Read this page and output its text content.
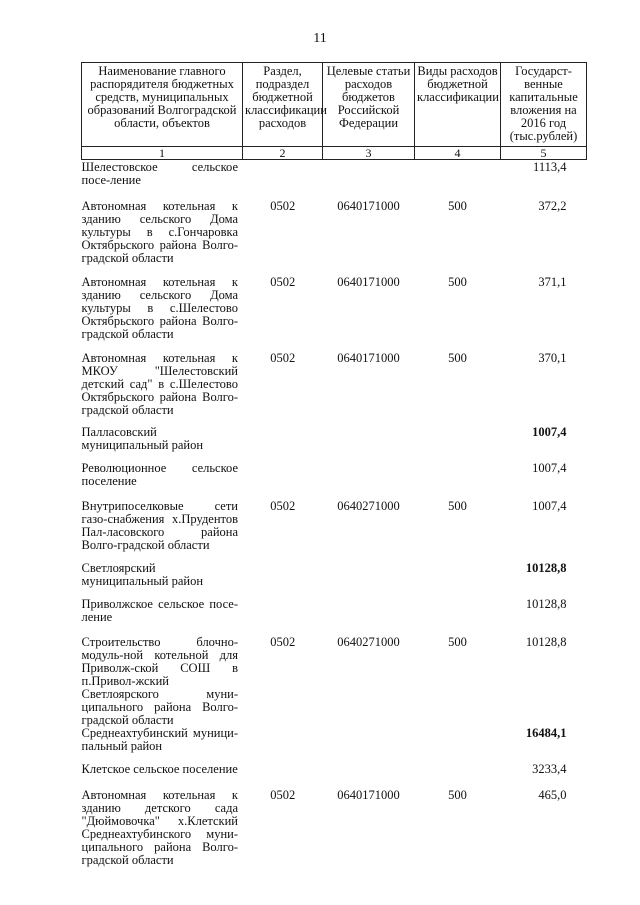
11
Наименование главного распорядителя бюджетных средств, муниципальных образований Волгоградской области, объектов	Раздел, подраздел бюджетной классификации расходов	Целевые статьи расходов бюджетов Российской Федерации	Виды расходов бюджетной классификации	Государст-венные капитальные вложения на 2016 год (тыс.рублей)
1	2	3	4	5
Шелестовское сельское посе-ление				1113,4
Автономная котельная к зданию сельского Дома культуры в с.Гончаровка Октябрьского района Волго-градской области	0502	0640171000	500	372,2
Автономная котельная к зданию сельского Дома культуры в с.Шелестово Октябрьского района Волго-градской области	0502	0640171000	500	371,1
Автономная котельная к МКОУ "Шелестовский детский сад" в с.Шелестово Октябрьского района Волго-градской области	0502	0640171000	500	370,1
Палласовский муниципальный район				1007,4
Революционное сельское поселение				1007,4
Внутрипоселковые сети газо-снабжения х.Прудентов Пал-ласовского района Волго-градской области	0502	0640271000	500	1007,4
Светлоярский муниципальный район				10128,8
Приволжское сельское посе-ление				10128,8
Строительство блочно-модуль-ной котельной для Приволж-ской СОШ в п.Привол-жский Светлоярского муни-ципального района Волго-градской области	0502	0640271000	500	10128,8
Среднеахтубинский муници-пальный район				16484,1
Клетское сельское поселение				3233,4
Автономная котельная к зданию детского сада "Дюймовочка" х.Клетский Среднеахтубинского муни-ципального района Волго-градской области	0502	0640171000	500	465,0
